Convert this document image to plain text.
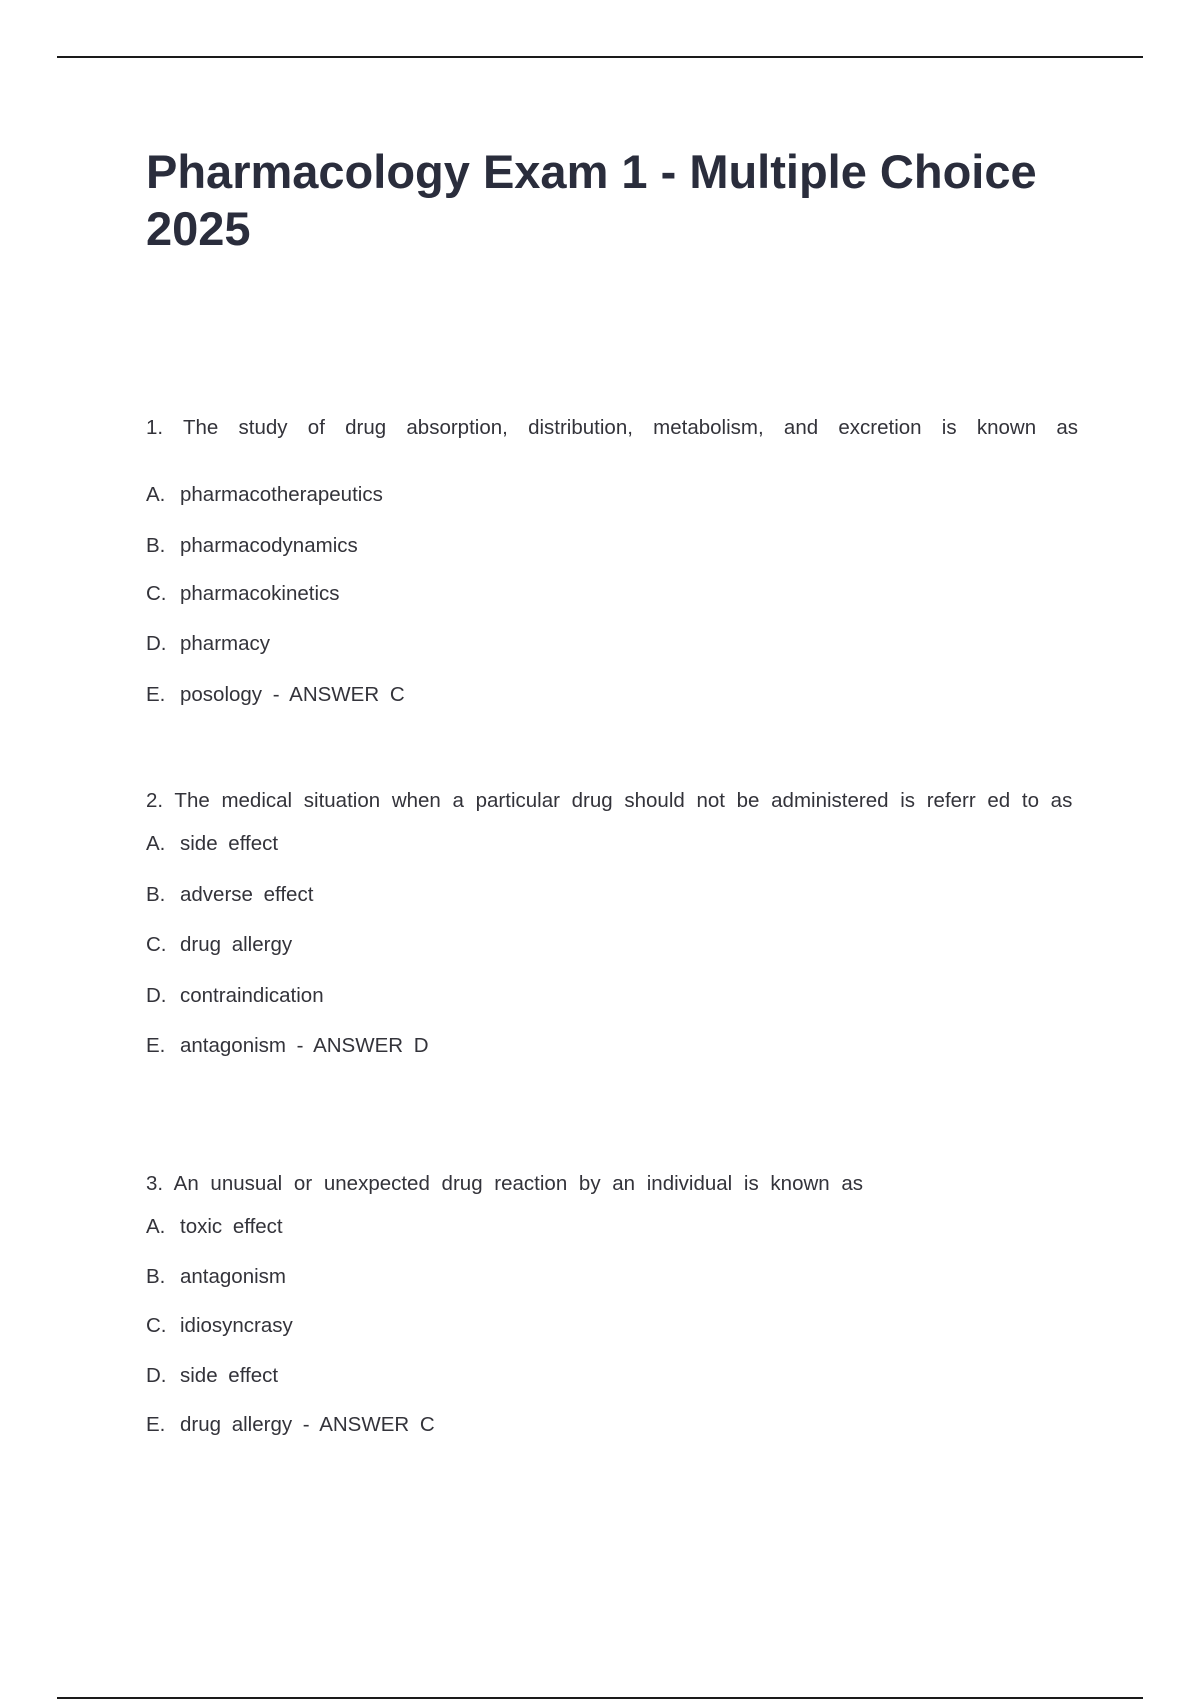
Pharmacology Exam 1 - Multiple Choice 2025

1. The study of drug absorption, distribution, metabolism, and excretion is known as

A. pharmacotherapeutics
B. pharmacodynamics
C. pharmacokinetics
D. pharmacy
E. posology - ANSWER C

2. The medical situation when a particular drug should not be administered is referr ed to as

A. side effect
B. adverse effect
C. drug allergy
D. contraindication
E. antagonism - ANSWER D

3. An unusual or unexpected drug reaction by an individual is known as

A. toxic effect
B. antagonism
C. idiosyncrasy
D. side effect
E. drug allergy - ANSWER C
